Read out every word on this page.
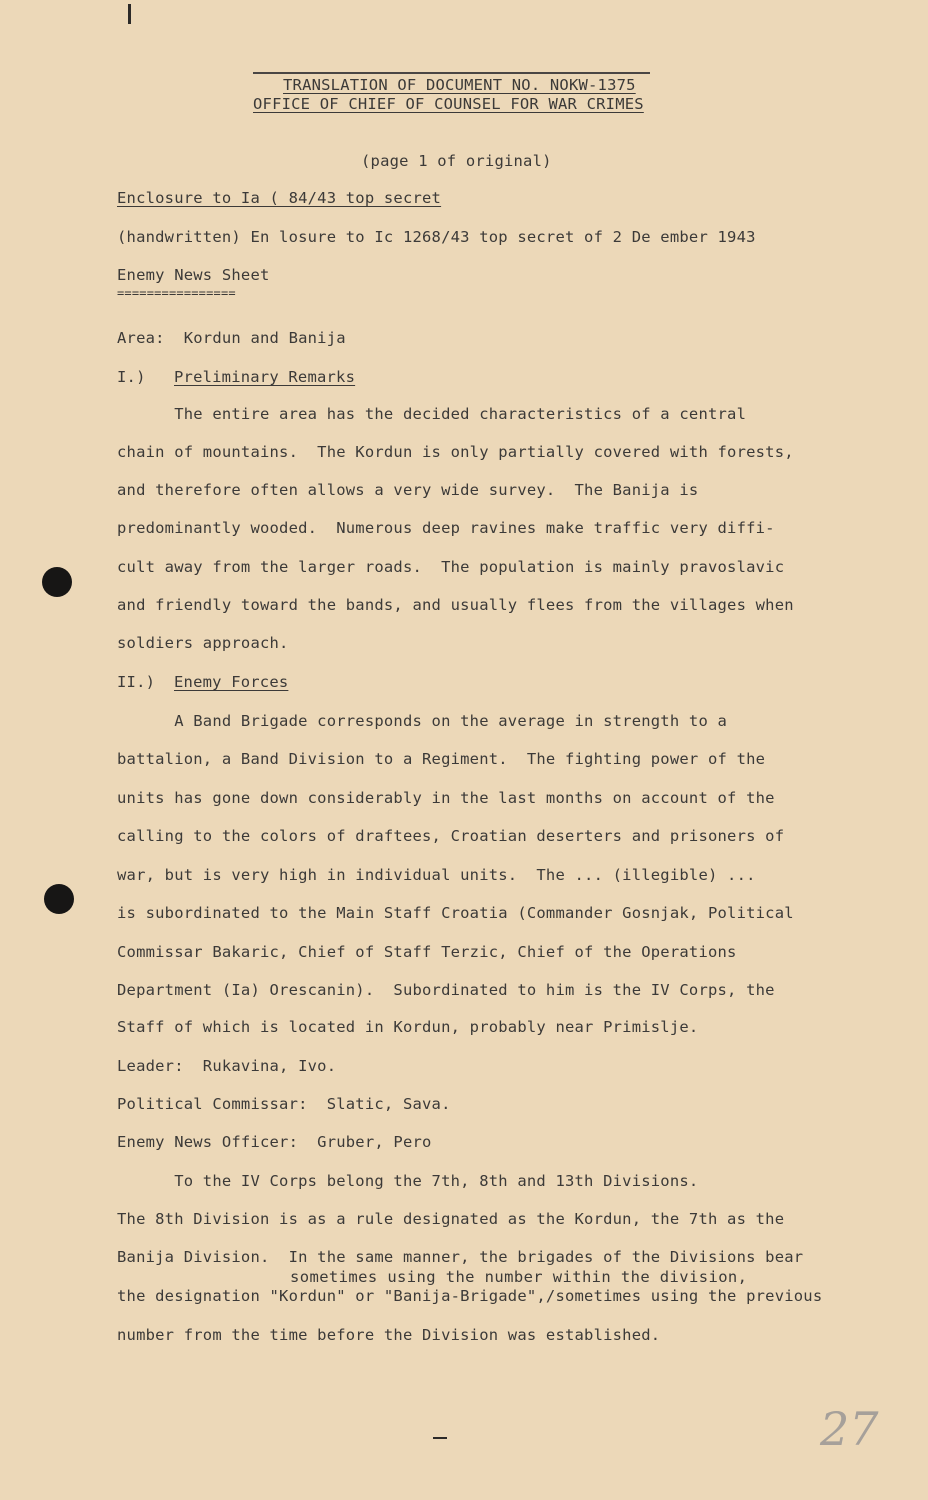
TRANSLATION OF DOCUMENT NO. NOKW-1375
OFFICE OF CHIEF OF COUNSEL FOR WAR CRIMES
(page 1 of original)
Enclosure to Ia ( 84/43 top secret
(handwritten) En losure to Ic 1268/43 top secret of 2 De ember 1943
Enemy News Sheet
================
Area:  Kordun and Banija
I.) Preliminary Remarks
The entire area has the decided characteristics of a central
chain of mountains.  The Kordun is only partially covered with forests,
and therefore often allows a very wide survey.  The Banija is
predominantly wooded.  Numerous deep ravines make traffic very diffi-
cult away from the larger roads.  The population is mainly pravoslavic
and friendly toward the bands, and usually flees from the villages when
soldiers approach.
II.) Enemy Forces
A Band Brigade corresponds on the average in strength to a
battalion, a Band Division to a Regiment.  The fighting power of the
units has gone down considerably in the last months on account of the
calling to the colors of draftees, Croatian deserters and prisoners of
war, but is very high in individual units.  The ... (illegible) ...
is subordinated to the Main Staff Croatia (Commander Gosnjak, Political
Commissar Bakaric, Chief of Staff Terzic, Chief of the Operations
Department (Ia) Orescanin).  Subordinated to him is the IV Corps, the
Staff of which is located in Kordun, probably near Primislje.
Leader:  Rukavina, Ivo.
Political Commissar:  Slatic, Sava.
Enemy News Officer:  Gruber, Pero
To the IV Corps belong the 7th, 8th and 13th Divisions.
The 8th Division is as a rule designated as the Kordun, the 7th as the
Banija Division.  In the same manner, the brigades of the Divisions bear
sometimes using the number within the division,
the designation "Kordun" or "Banija-Brigade",/sometimes using the previous
number from the time before the Division was established.
27
